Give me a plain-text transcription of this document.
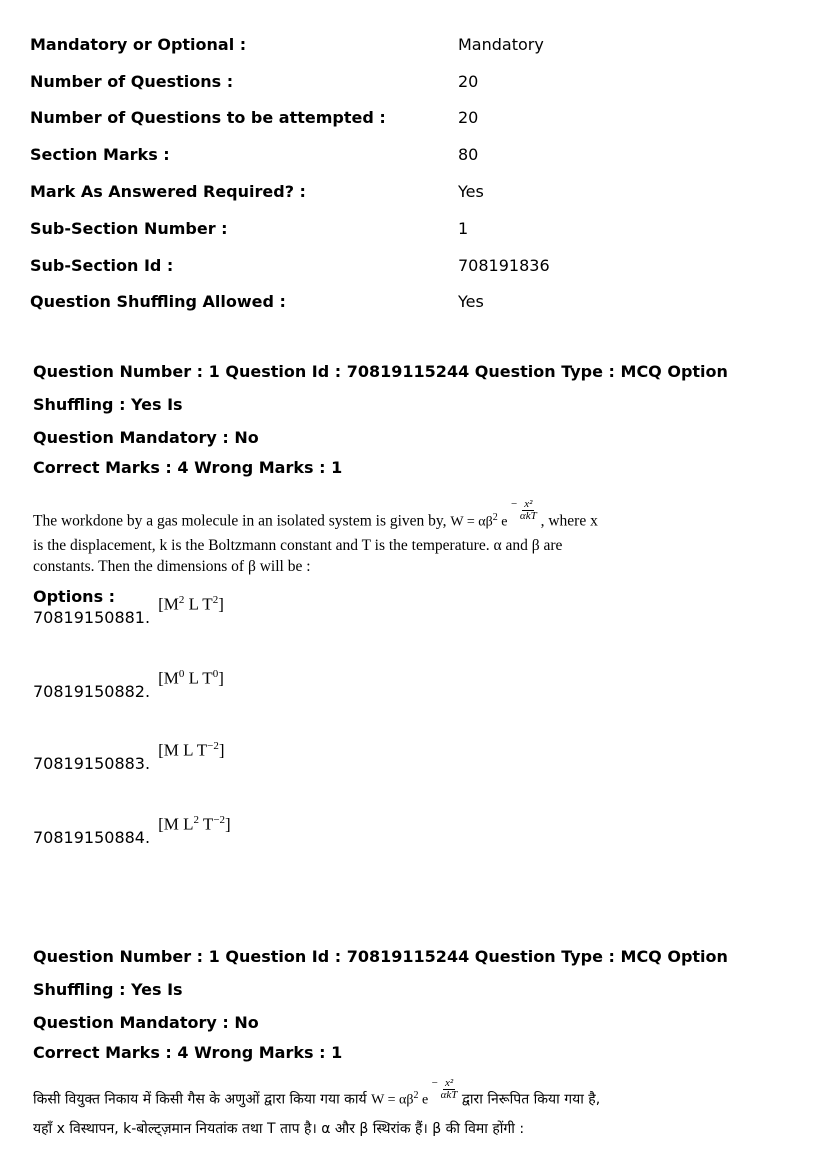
Mandatory or Optional :	Mandatory
Number of Questions :	20
Number of Questions to be attempted :	20
Section Marks :	80
Mark As Answered Required? :	Yes
Sub-Section Number :	1
Sub-Section Id :	708191836
Question Shuffling Allowed :	Yes
Question Number : 1 Question Id : 70819115244 Question Type : MCQ Option Shuffling : Yes Is
Question Mandatory : No
Correct Marks : 4 Wrong Marks : 1
The workdone by a gas molecule in an isolated system is given by, $W = \alpha\beta^2$ $e - \frac{\text{x²}}{\text{αkT}}$ , where x
is the displacement, k is the Boltzmann constant and T is the temperature. α and β are
constants. Then the dimensions of β will be :
Options :
70819150881.
[$M^2$ L $T^2$]
70819150882.
[$M^0$ L $T^0$]
70819150883.
[M L $T^{-2}$]
70819150884.
[M $L^2$ $T^{-2}$]
Question Number : 1 Question Id : 70819115244 Question Type : MCQ Option Shuffling : Yes Is
Question Mandatory : No
Correct Marks : 4 Wrong Marks : 1
किसी वियुक्त निकाय में किसी गैस के अणुओं द्वारा किया गया कार्य $W = \alpha\beta^2$ $e - \frac{\text{x²}}{\text{αkT}}$ द्वारा निरूपित किया गया है,
यहाँ x विस्थापन, k-बोल्ट्ज़मान नियतांक तथा T ताप है। α और β स्थिरांक हैं। β की विमा होंगी :
